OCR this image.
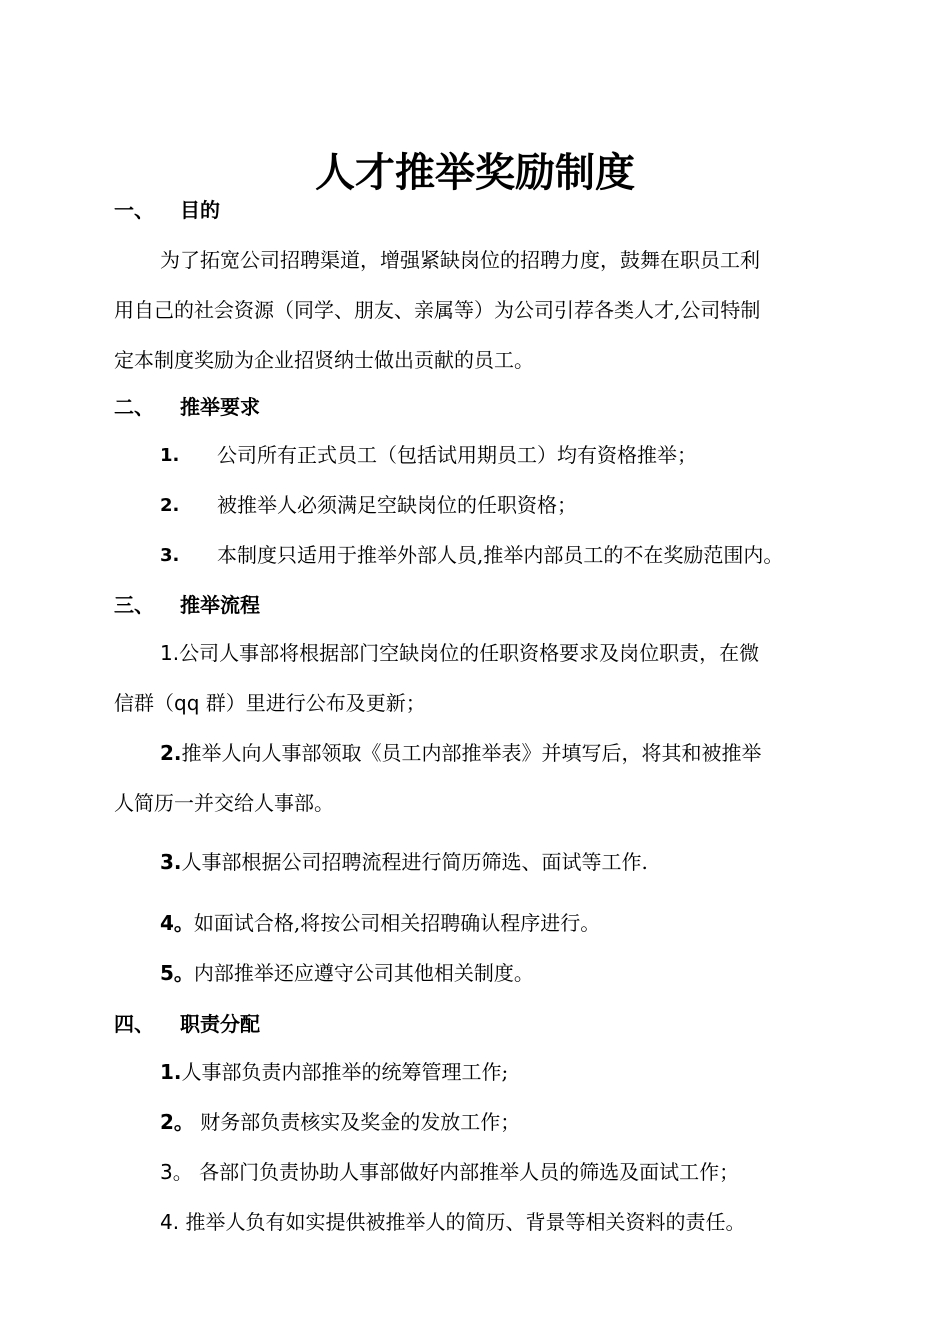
人才推举奖励制度
一、 目的
为了拓宽公司招聘渠道，增强紧缺岗位的招聘力度，鼓舞在职员工利
用自己的社会资源（同学、朋友、亲属等）为公司引荐各类人才,公司特制
定本制度奖励为企业招贤纳士做出贡献的员工。
二、 推举要求
1. 公司所有正式员工（包括试用期员工）均有资格推举；
2. 被推举人必须满足空缺岗位的任职资格；
3. 本制度只适用于推举外部人员,推举内部员工的不在奖励范围内。
三、 推举流程
1.公司人事部将根据部门空缺岗位的任职资格要求及岗位职责，在微
信群（qq 群）里进行公布及更新；
2.推举人向人事部领取《员工内部推举表》并填写后，将其和被推举
人简历一并交给人事部。
3.人事部根据公司招聘流程进行简历筛选、面试等工作.
4。如面试合格,将按公司相关招聘确认程序进行。
5。内部推举还应遵守公司其他相关制度。
四、 职责分配
1.人事部负责内部推举的统筹管理工作;
2。 财务部负责核实及奖金的发放工作；
3。 各部门负责协助人事部做好内部推举人员的筛选及面试工作；
4. 推举人负有如实提供被推举人的简历、背景等相关资料的责任。
